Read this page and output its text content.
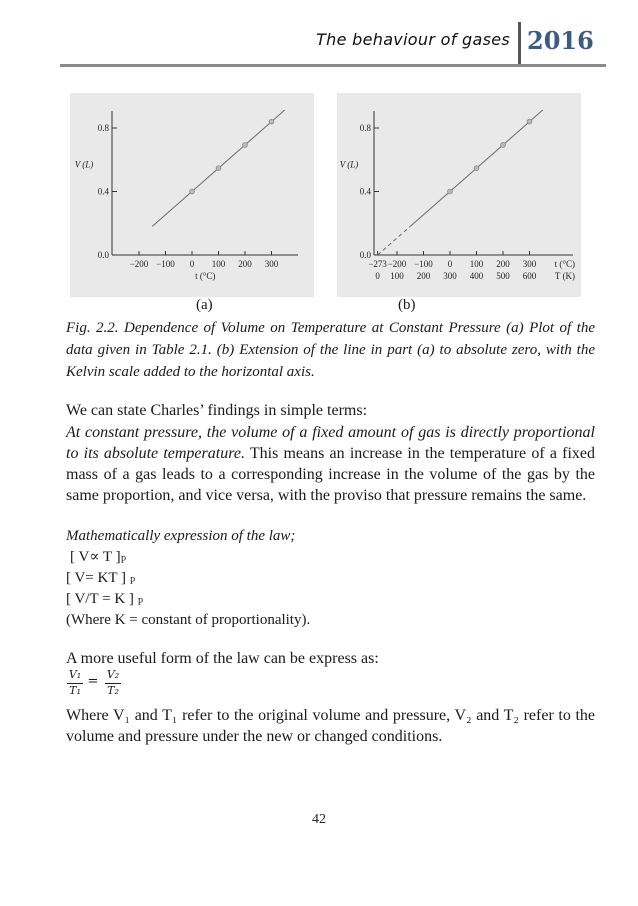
The behaviour of gases 2016
0.0
0.4
0.8
−200 −100 0 100 200 300
V (L)
t (°C)
0.0
0.4
0.8
−273
0
−200
100
−100
200
0
300
100
400
200
500
300
600
V (L)
t (°C)
T (K)
(a)	(b)
Fig. 2.2. Dependence of Volume on Temperature at Constant Pressure (a) Plot of the data given in Table 2.1. (b) Extension of the line in part (a) to absolute zero, with the Kelvin scale added to the horizontal axis.
We can state Charles’ findings in simple terms:
At constant pressure, the volume of a fixed amount of gas is directly proportional to its absolute temperature. This means an increase in the temperature of a fixed mass of a gas leads to a corresponding increase in the volume of the gas by the same proportion, and vice versa, with the proviso that pressure remains the same.
Mathematically expression of the law;
[ V∝ T ]$_P$
[ V= KT ] $_P$
[ V/T = K ] $_P$
(Where K = constant of proportionality).
A more useful form of the law can be express as:
V₁
T₁
= V₂
T₂
Where V₁ and T₁ refer to the original volume and pressure, V₂ and T₂ refer to the volume and pressure under the new or changed conditions.
42
